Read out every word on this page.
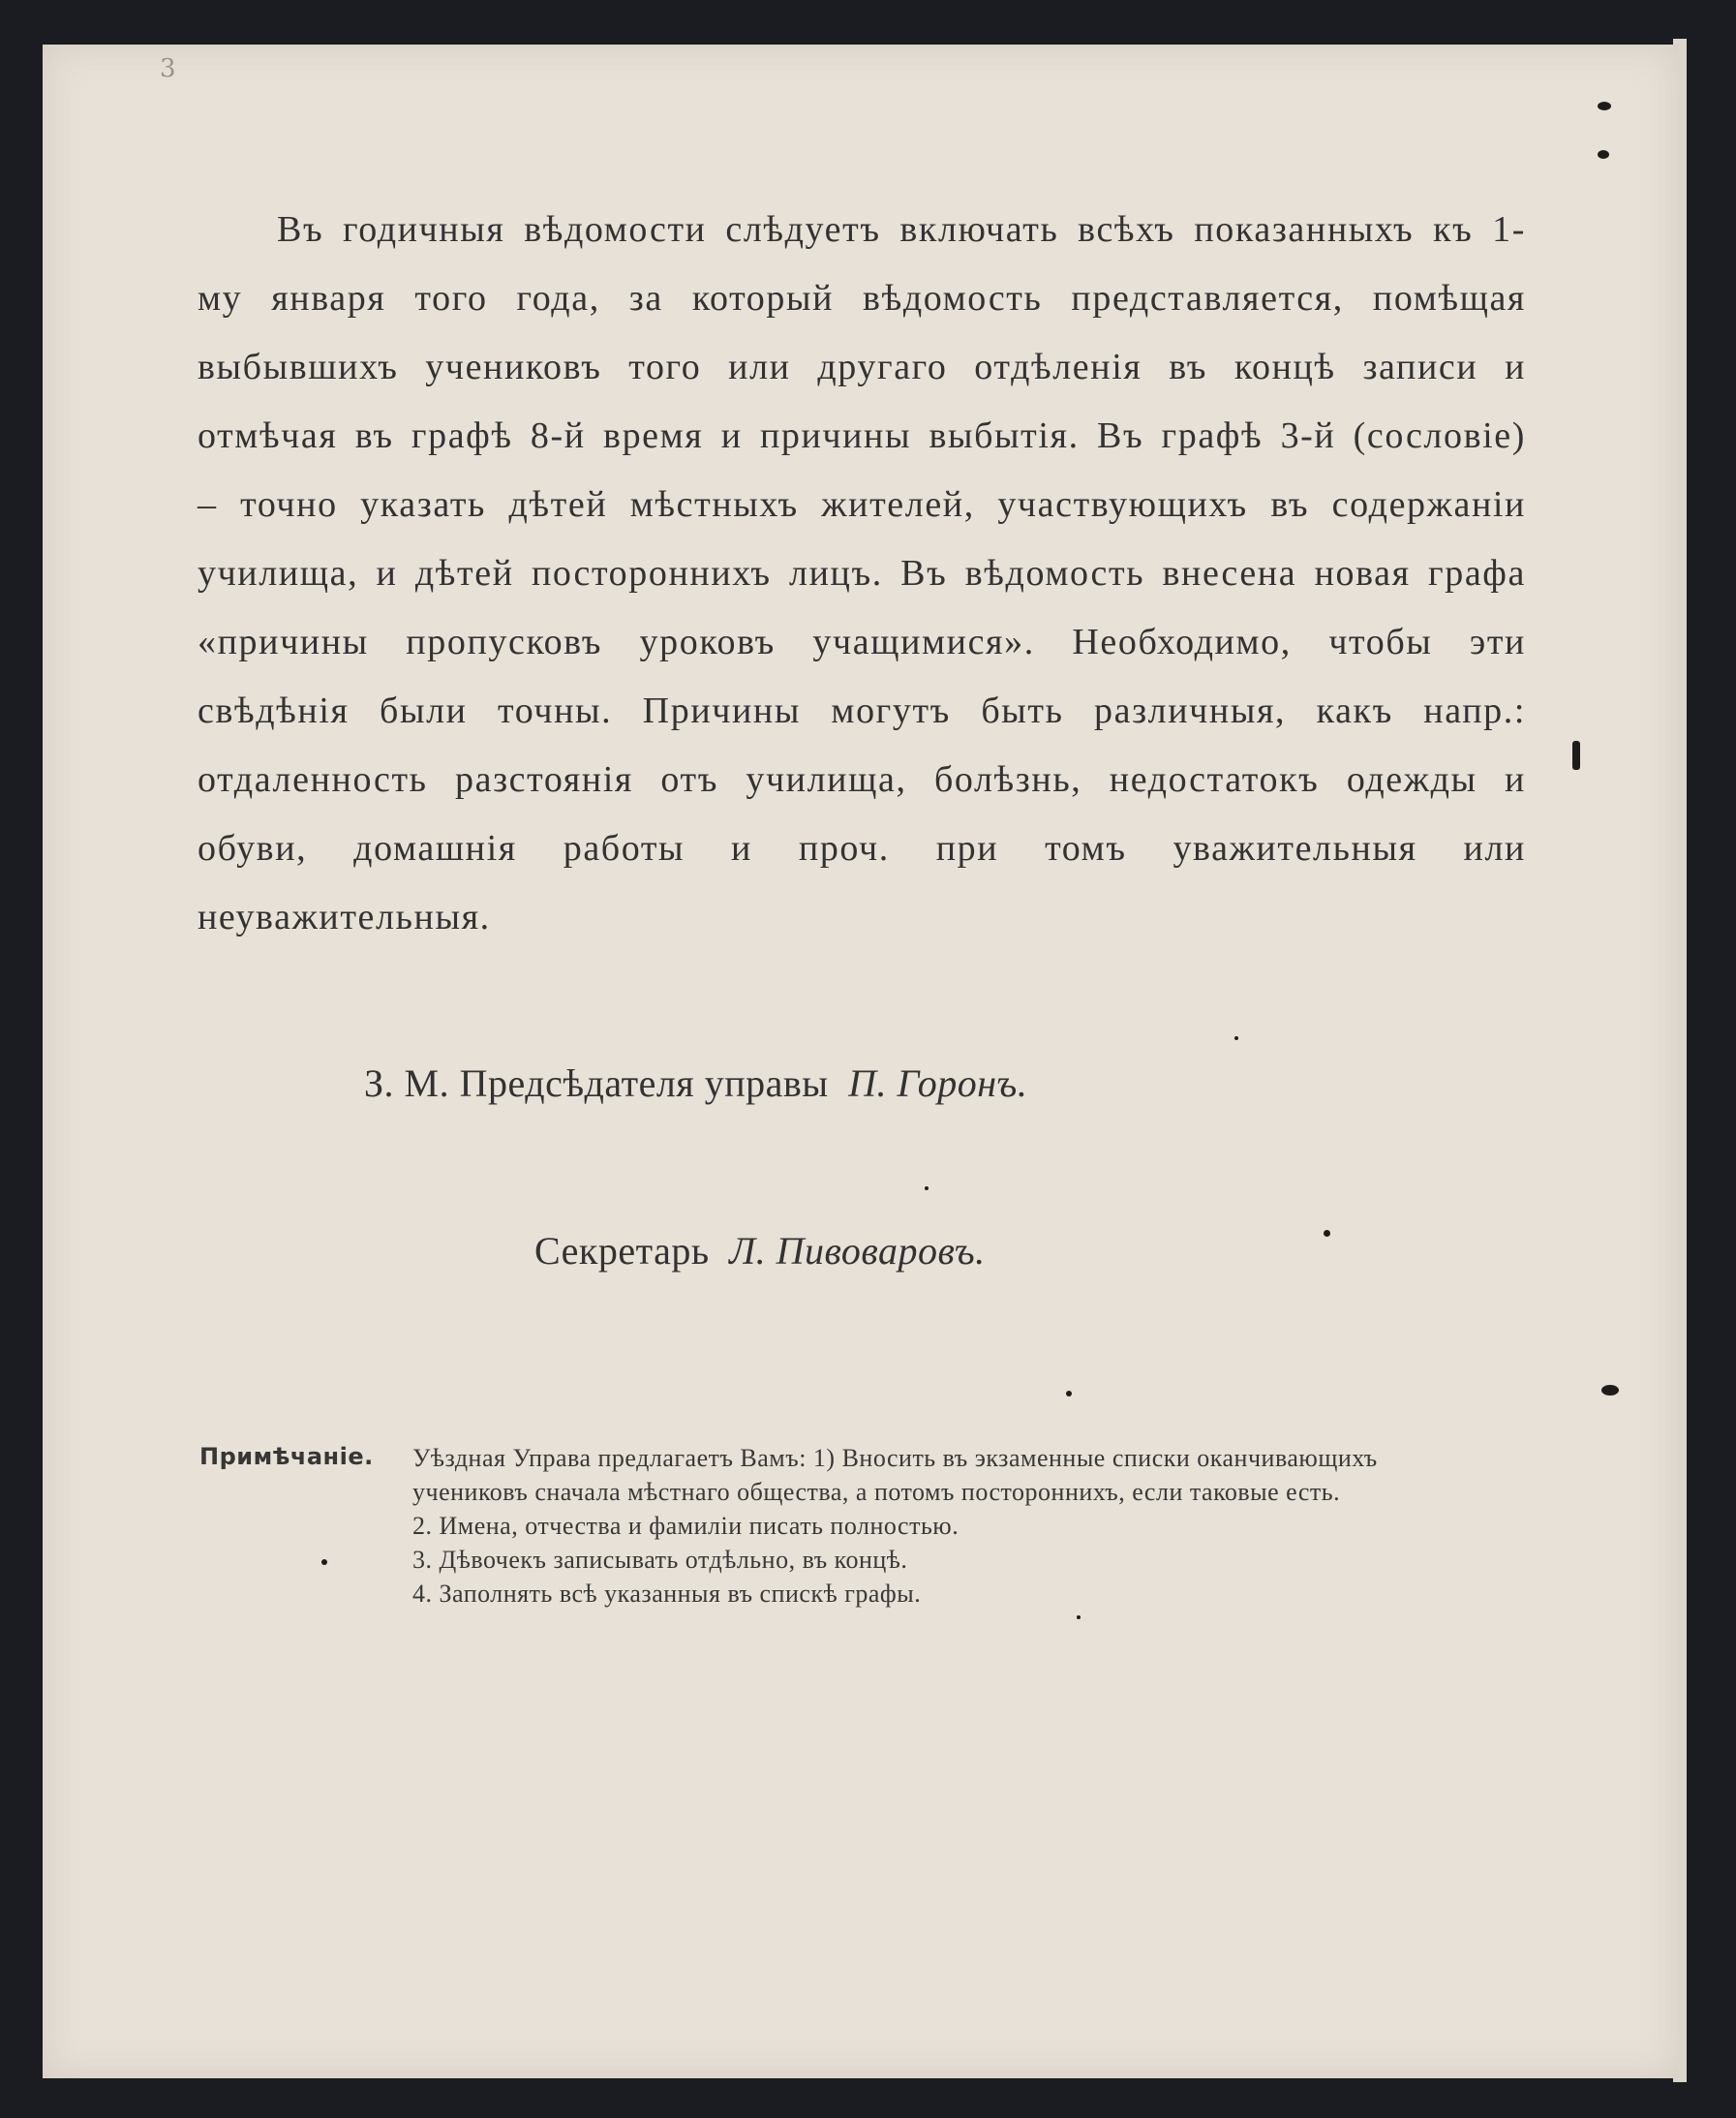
3

Въ годичныя вѣдомости слѣдуетъ включать всѣхъ показанныхъ къ 1-му января того года, за который вѣдомость представляется, помѣщая выбывшихъ учениковъ того или другаго отдѣленія въ концѣ записи и отмѣчая въ графѣ 8-й время и причины выбытія. Въ графѣ 3-й (сословіе) – точно указать дѣтей мѣстныхъ жителей, участвующихъ въ содержаніи училища, и дѣтей постороннихъ лицъ. Въ вѣдомость внесена новая графа «причины пропусковъ уроковъ учащимися». Необходимо, чтобы эти свѣдѣнія были точны. Причины могутъ быть различныя, какъ напр.: отдаленность разстоянія отъ училища, болѣзнь, недостатокъ одежды и обуви, домашнія работы и проч. при томъ уважительныя или неуважительныя.

З. М. Предсѣдателя управы П. Горонъ.
Секретарь Л. Пивоваровъ.
Примѣчаніе. Уѣздная Управа предлагаетъ Вамъ: 1) Вносить въ экзаменные списки оканчивающихъ
учениковъ сначала мѣстнаго общества, а потомъ постороннихъ, если таковые есть.
2. Имена, отчества и фамиліи писать полностью.
3. Дѣвочекъ записывать отдѣльно, въ концѣ.
4. Заполнять всѣ указанныя въ спискѣ графы.
